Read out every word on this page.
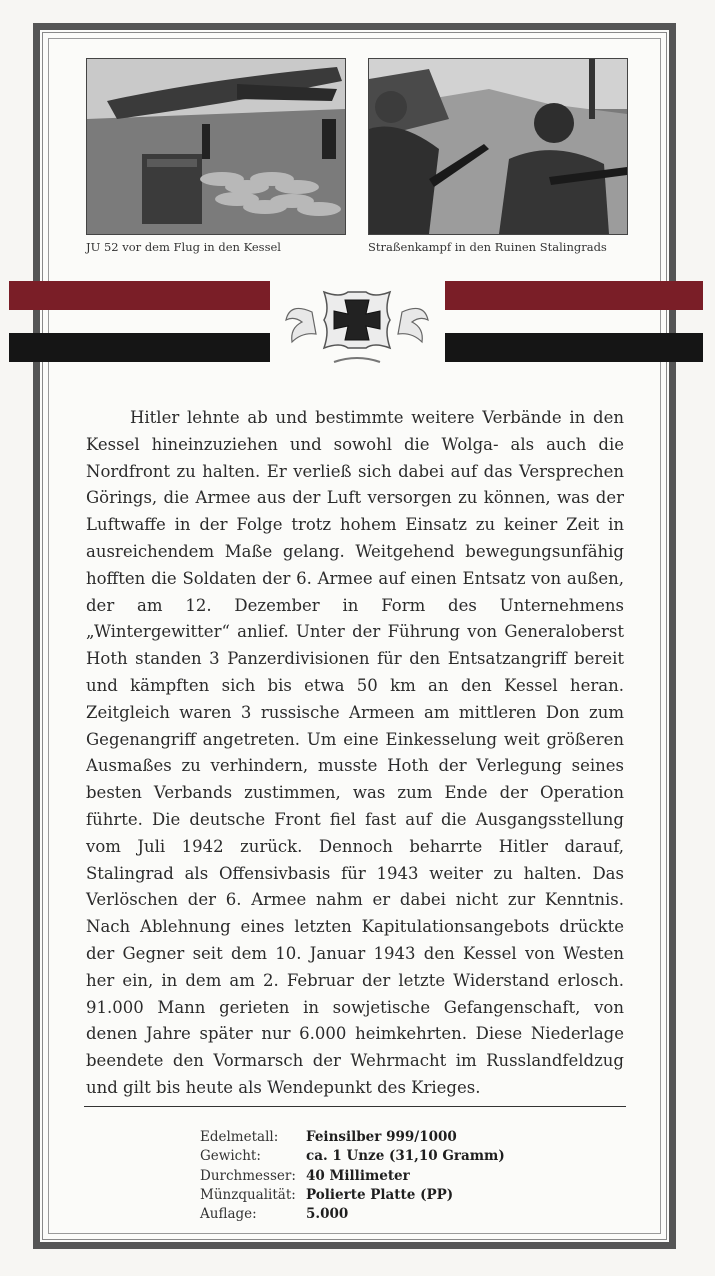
JU 52 vor dem Flug in den Kessel	Straßenkampf in den Ruinen Stalingrads

Hitler lehnte ab und bestimmte weitere Verbände in den Kessel hineinzuziehen und sowohl die Wolga- als auch die Nordfront zu halten. Er verließ sich dabei auf das Versprechen Görings, die Armee aus der Luft versorgen zu können, was der Luftwaffe in der Folge trotz hohem Einsatz zu keiner Zeit in ausreichendem Maße gelang. Weitgehend bewegungsunfähig hofften die Soldaten der 6. Armee auf einen Entsatz von außen, der am 12. Dezember in Form des Unternehmens „Wintergewitter“ anlief. Unter der Führung von Generaloberst Hoth standen 3 Panzerdivisionen für den Entsatzangriff bereit und kämpften sich bis etwa 50 km an den Kessel heran. Zeitgleich waren 3 russische Armeen am mittleren Don zum Gegenangriff angetreten. Um eine Einkesselung weit größeren Ausmaßes zu verhindern, musste Hoth der Verlegung seines besten Verbands zustimmen, was zum Ende der Operation führte. Die deutsche Front fiel fast auf die Ausgangsstellung vom Juli 1942 zurück. Dennoch beharrte Hitler darauf, Stalingrad als Offensivbasis für 1943 weiter zu halten. Das Verlöschen der 6. Armee nahm er dabei nicht zur Kenntnis. Nach Ablehnung eines letzten Kapitulationsangebots drückte der Gegner seit dem 10. Januar 1943 den Kessel von Westen her ein, in dem am 2. Februar der letzte Widerstand erlosch. 91.000 Mann gerieten in sowjetische Gefangenschaft, von denen Jahre später nur 6.000 heimkehrten. Diese Niederlage beendete den Vormarsch der Wehrmacht im Russlandfeldzug und gilt bis heute als Wendepunkt des Krieges.

Edelmetall:	Feinsilber 999/1000
Gewicht:	ca. 1 Unze (31,10 Gramm)
Durchmesser:	40 Millimeter
Münzqualität:	Polierte Platte (PP)
Auflage:	5.000
